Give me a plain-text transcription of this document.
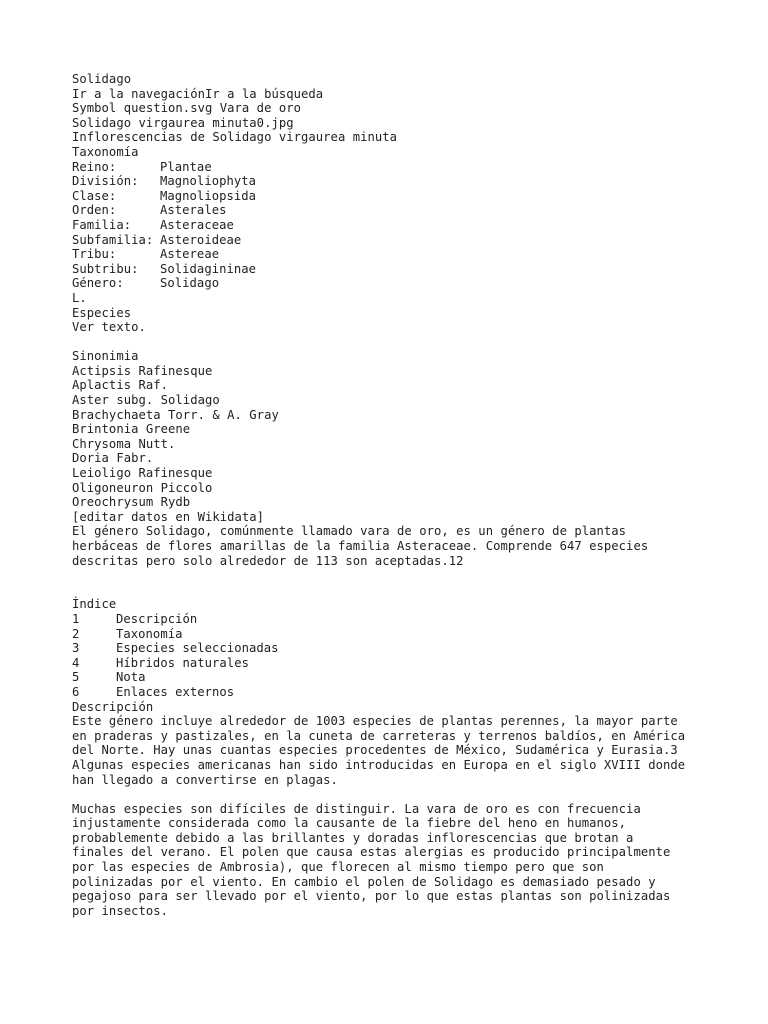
Solidago
Ir a la navegaciónIr a la búsqueda
Symbol question.svg Vara de oro
Solidago virgaurea minuta0.jpg
Inflorescencias de Solidago virgaurea minuta
Taxonomía
Reino:	Plantae
División:	Magnoliophyta
Clase:	Magnoliopsida
Orden:	Asterales
Familia:	Asteraceae
Subfamilia: Asteroideae
Tribu:	Astereae
Subtribu:	Solidagininae
Género:	Solidago
L.
Especies
Ver texto.
Sinonimia
Actipsis Rafinesque
Aplactis Raf.
Aster subg. Solidago
Brachychaeta Torr. & A. Gray
Brintonia Greene
Chrysoma Nutt.
Doria Fabr.
Leioligo Rafinesque
Oligoneuron Piccolo
Oreochrysum Rydb
[editar datos en Wikidata]
El género Solidago, comúnmente llamado vara de oro, es un género de plantas
herbáceas de flores amarillas de la familia Asteraceae. Comprende 647 especies
descritas pero solo alrededor de 113 son aceptadas.12
Índice
1	Descripción
2	Taxonomía
3	Especies seleccionadas
4	Híbridos naturales
5	Nota
6	Enlaces externos
Descripción
Este género incluye alrededor de 1003 especies de plantas perennes, la mayor parte
en praderas y pastizales, en la cuneta de carreteras y terrenos baldíos, en América
del Norte. Hay unas cuantas especies procedentes de México, Sudamérica y Eurasia.3
Algunas especies americanas han sido introducidas en Europa en el siglo XVIII donde
han llegado a convertirse en plagas.
Muchas especies son difíciles de distinguir. La vara de oro es con frecuencia
injustamente considerada como la causante de la fiebre del heno en humanos,
probablemente debido a las brillantes y doradas inflorescencias que brotan a
finales del verano. El polen que causa estas alergias es producido principalmente
por las especies de Ambrosia), que florecen al mismo tiempo pero que son
polinizadas por el viento. En cambio el polen de Solidago es demasiado pesado y
pegajoso para ser llevado por el viento, por lo que estas plantas son polinizadas
por insectos.
